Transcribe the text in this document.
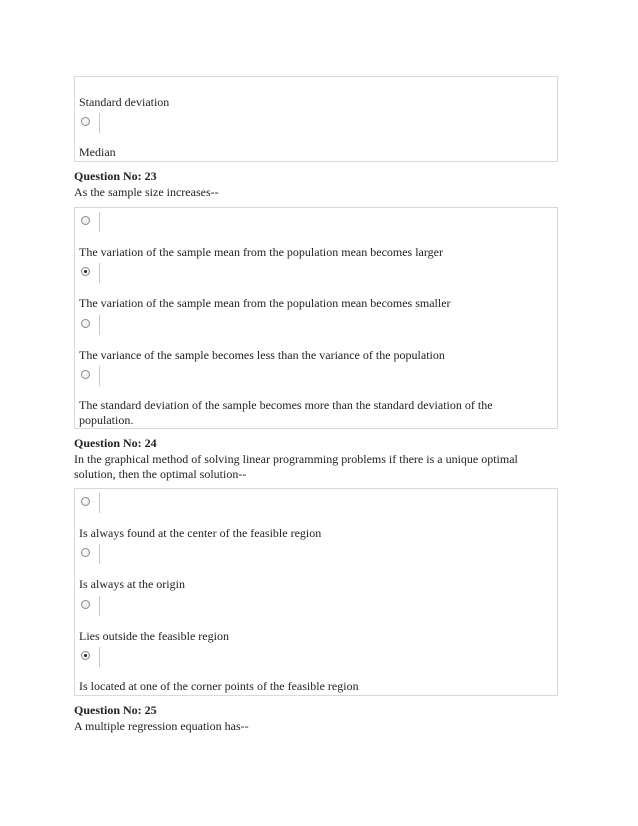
Standard deviation
Median
Question No: 23
As the sample size increases--
The variation of the sample mean from the population mean becomes larger
The variation of the sample mean from the population mean becomes smaller
The variance of the sample becomes less than the variance of the population
The standard deviation of the sample becomes more than the standard deviation of the population.
Question No: 24
In the graphical method of solving linear programming problems if there is a unique optimal solution, then the optimal solution--
Is always found at the center of the feasible region
Is always at the origin
Lies outside the feasible region
Is located at one of the corner points of the feasible region
Question No: 25
A multiple regression equation has--
